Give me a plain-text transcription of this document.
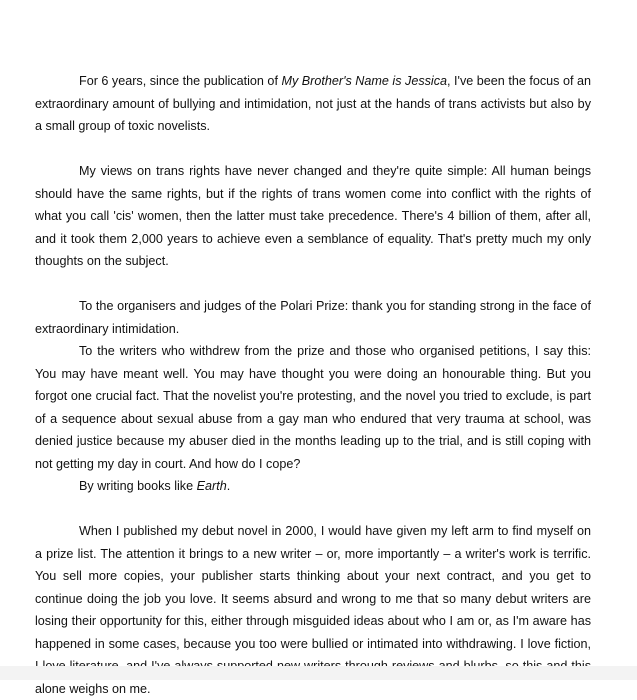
For 6 years, since the publication of My Brother's Name is Jessica, I've been the focus of an extraordinary amount of bullying and intimidation, not just at the hands of trans activists but also by a small group of toxic novelists.

My views on trans rights have never changed and they're quite simple: All human beings should have the same rights, but if the rights of trans women come into conflict with the rights of what you call 'cis' women, then the latter must take precedence. There's 4 billion of them, after all, and it took them 2,000 years to achieve even a semblance of equality. That's pretty much my only thoughts on the subject.

To the organisers and judges of the Polari Prize: thank you for standing strong in the face of extraordinary intimidation.

To the writers who withdrew from the prize and those who organised petitions, I say this: You may have meant well. You may have thought you were doing an honourable thing. But you forgot one crucial fact. That the novelist you're protesting, and the novel you tried to exclude, is part of a sequence about sexual abuse from a gay man who endured that very trauma at school, was denied justice because my abuser died in the months leading up to the trial, and is still coping with not getting my day in court. And how do I cope?

By writing books like Earth.

When I published my debut novel in 2000, I would have given my left arm to find myself on a prize list. The attention it brings to a new writer – or, more importantly – a writer's work is terrific. You sell more copies, your publisher starts thinking about your next contract, and you get to continue doing the job you love. It seems absurd and wrong to me that so many debut writers are losing their opportunity for this, either through misguided ideas about who I am or, as I'm aware has happened in some cases, because you too were bullied or intimated into withdrawing. I love fiction, alone weighs on me.
